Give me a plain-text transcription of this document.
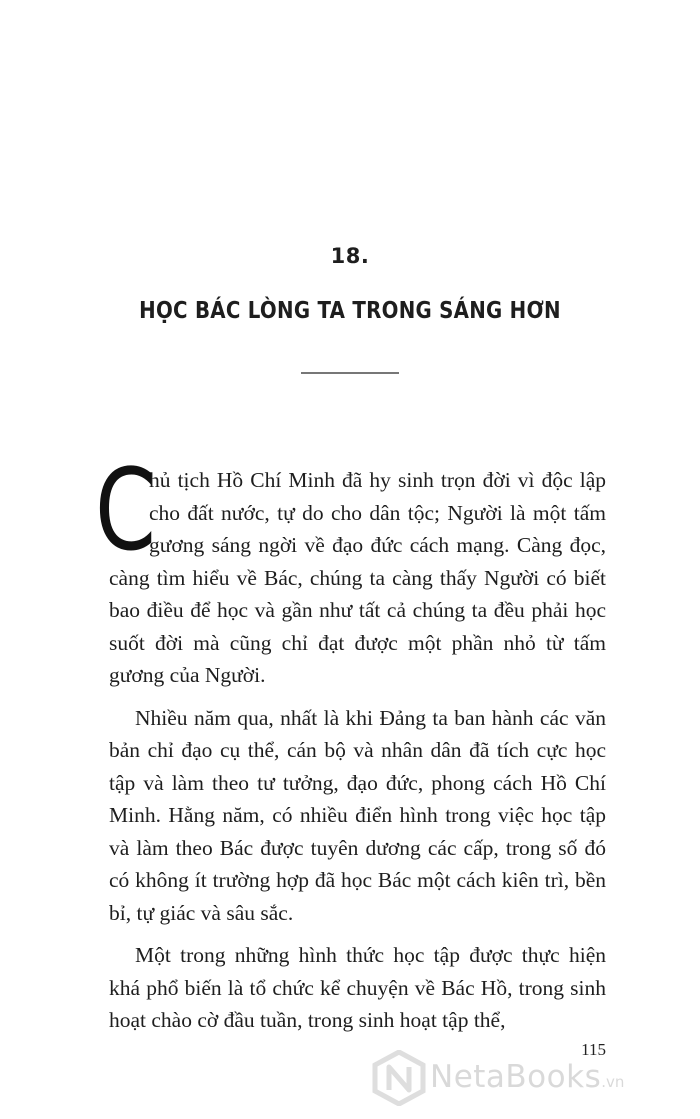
18.
HỌC BÁC LÒNG TA TRONG SÁNG HƠN

C
hủ tịch Hồ Chí Minh đã hy sinh trọn đời vì độc lập cho đất nước, tự do cho dân tộc; Người là một tấm gương sáng ngời về đạo đức cách mạng. Càng đọc, càng tìm hiểu về Bác, chúng ta càng thấy Người có biết bao điều để học và gần như tất cả chúng ta đều phải học suốt đời mà cũng chỉ đạt được một phần nhỏ từ tấm gương của Người.

Nhiều năm qua, nhất là khi Đảng ta ban hành các văn bản chỉ đạo cụ thể, cán bộ và nhân dân đã tích cực học tập và làm theo tư tưởng, đạo đức, phong cách Hồ Chí Minh. Hằng năm, có nhiều điển hình trong việc học tập và làm theo Bác được tuyên dương các cấp, trong số đó có không ít trường hợp đã học Bác một cách kiên trì, bền bỉ, tự giác và sâu sắc.

Một trong những hình thức học tập được thực hiện khá phổ biến là tổ chức kể chuyện về Bác Hồ, trong sinh hoạt chào cờ đầu tuần, trong sinh hoạt tập thể,

115
NetaBooks.vn
